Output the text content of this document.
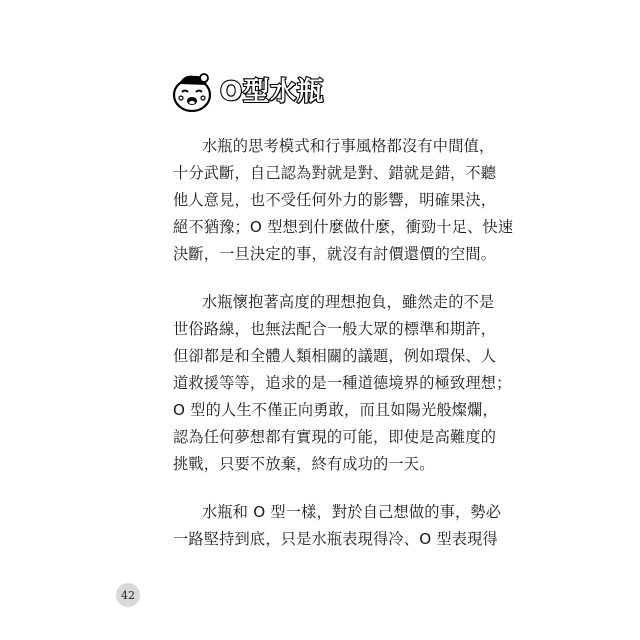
O型水瓶
水瓶的思考模式和行事風格都沒有中間值，
十分武斷，自己認為對就是對、錯就是錯，不聽
他人意見，也不受任何外力的影響，明確果決，
絕不猶豫；O 型想到什麼做什麼，衝勁十足、快速
決斷，一旦決定的事，就沒有討價還價的空間。
水瓶懷抱著高度的理想抱負，雖然走的不是
世俗路線，也無法配合一般大眾的標準和期許，
但卻都是和全體人類相關的議題，例如環保、人
道救援等等，追求的是一種道德境界的極致理想；
O 型的人生不僅正向勇敢，而且如陽光般燦爛，
認為任何夢想都有實現的可能，即使是高難度的
挑戰，只要不放棄，終有成功的一天。
水瓶和 O 型一樣，對於自己想做的事，勢必
一路堅持到底，只是水瓶表現得冷、O 型表現得
42
